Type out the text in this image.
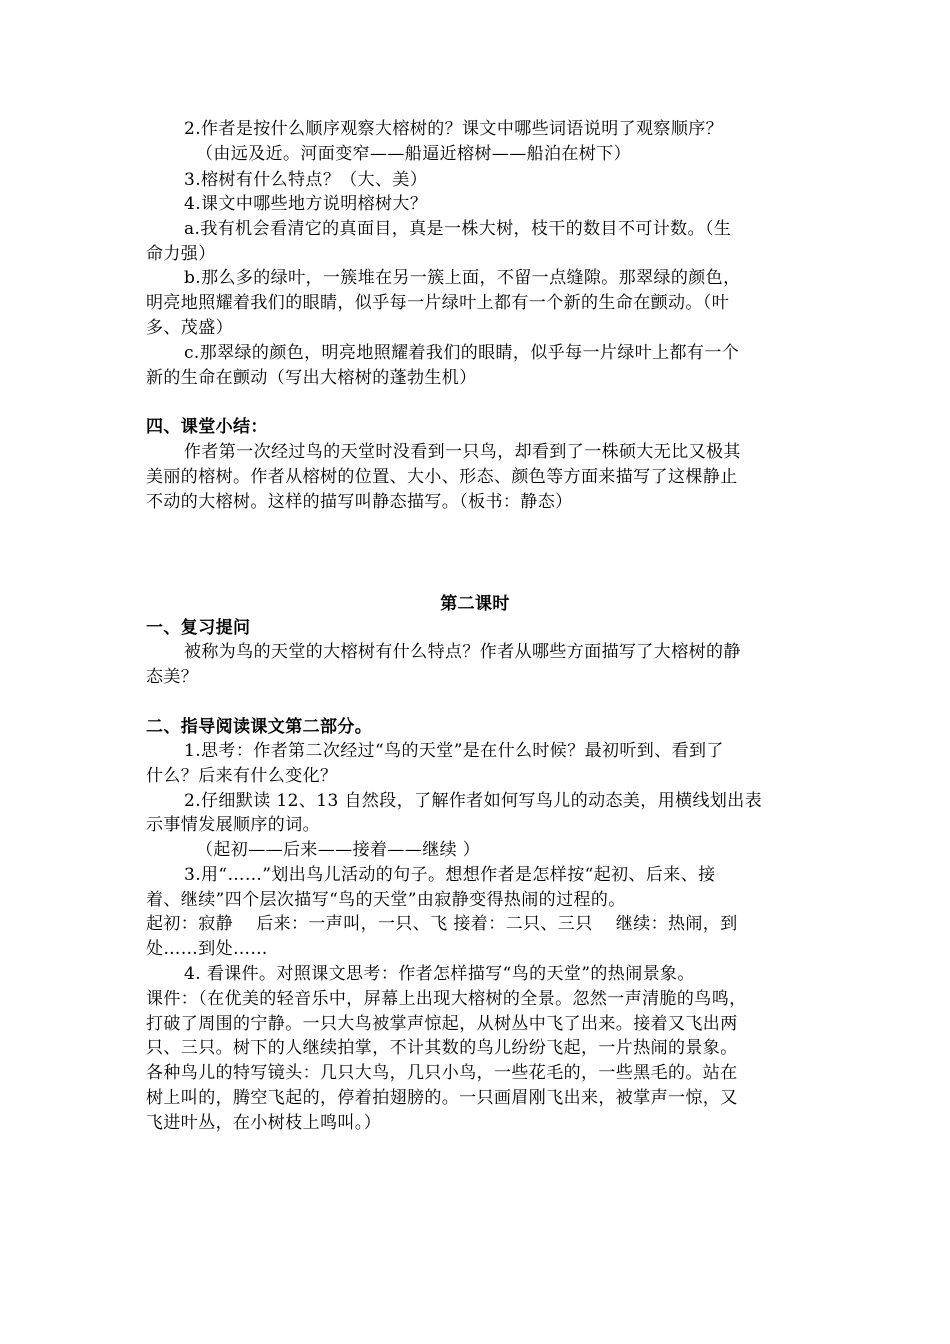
2.作者是按什么顺序观察大榕树的？课文中哪些词语说明了观察顺序？

（由远及近。河面变窄——船逼近榕树——船泊在树下）

3.榕树有什么特点？（大、美）

4.课文中哪些地方说明榕树大？

a.我有机会看清它的真面目，真是一株大树，枝干的数目不可计数。（生

命力强）

b.那么多的绿叶，一簇堆在另一簇上面，不留一点缝隙。那翠绿的颜色，

明亮地照耀着我们的眼睛，似乎每一片绿叶上都有一个新的生命在颤动。（叶

多、茂盛）

c.那翠绿的颜色，明亮地照耀着我们的眼睛，似乎每一片绿叶上都有一个

新的生命在颤动（写出大榕树的蓬勃生机）

四、课堂小结：

作者第一次经过鸟的天堂时没看到一只鸟，却看到了一株硕大无比又极其

美丽的榕树。作者从榕树的位置、大小、形态、颜色等方面来描写了这棵静止

不动的大榕树。这样的描写叫静态描写。（板书：静态）

第二课时

一、复习提问

被称为鸟的天堂的大榕树有什么特点？作者从哪些方面描写了大榕树的静

态美？

二、指导阅读课文第二部分。

1.思考：作者第二次经过“鸟的天堂”是在什么时候？最初听到、看到了

什么？后来有什么变化？

2.仔细默读 12、13 自然段，了解作者如何写鸟儿的动态美，用横线划出表

示事情发展顺序的词。

（起初——后来——接着——继续 ）

3.用“……”划出鸟儿活动的句子。想想作者是怎样按“起初、后来、接

着、继续”四个层次描写“鸟的天堂”由寂静变得热闹的过程的。

起初：寂静　 后来：一声叫，一只、飞 接着：二只、三只　 继续：热闹，到

处……到处……

4. 看课件。对照课文思考：作者怎样描写“鸟的天堂”的热闹景象。

课件：（在优美的轻音乐中，屏幕上出现大榕树的全景。忽然一声清脆的鸟鸣，

打破了周围的宁静。一只大鸟被掌声惊起，从树丛中飞了出来。接着又飞出两

只、三只。树下的人继续拍掌，不计其数的鸟儿纷纷飞起，一片热闹的景象。

各种鸟儿的特写镜头：几只大鸟，几只小鸟，一些花毛的，一些黑毛的。站在

树上叫的，腾空飞起的，停着拍翅膀的。一只画眉刚飞出来，被掌声一惊，又

飞进叶丛，在小树枝上鸣叫。）
